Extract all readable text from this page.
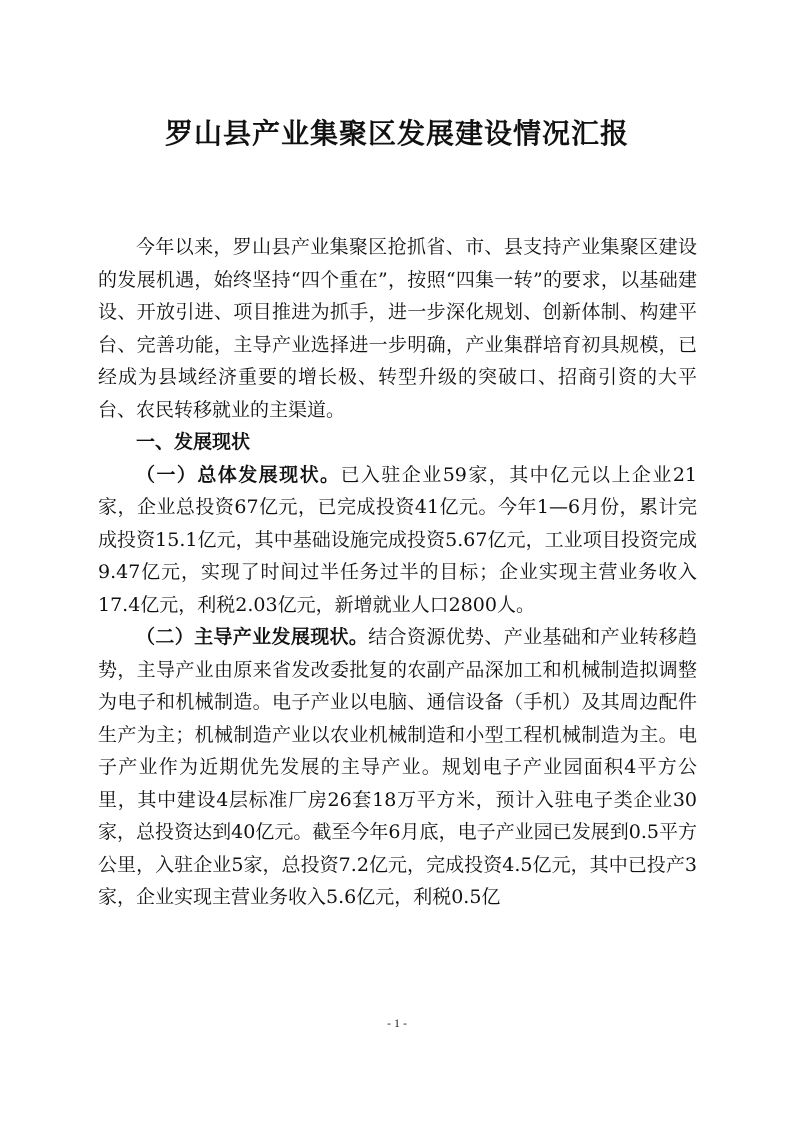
罗山县产业集聚区发展建设情况汇报

今年以来，罗山县产业集聚区抢抓省、市、县支持产业集聚区建设的发展机遇，始终坚持“四个重在”，按照“四集一转”的要求，以基础建设、开放引进、项目推进为抓手，进一步深化规划、创新体制、构建平台、完善功能，主导产业选择进一步明确，产业集群培育初具规模，已经成为县域经济重要的增长极、转型升级的突破口、招商引资的大平台、农民转移就业的主渠道。

一、发展现状

（一）总体发展现状。已入驻企业59家，其中亿元以上企业21家，企业总投资67亿元，已完成投资41亿元。今年1—6月份，累计完成投资15.1亿元，其中基础设施完成投资5.67亿元，工业项目投资完成9.47亿元，实现了时间过半任务过半的目标；企业实现主营业务收入17.4亿元，利税2.03亿元，新增就业人口2800人。

（二）主导产业发展现状。结合资源优势、产业基础和产业转移趋势，主导产业由原来省发改委批复的农副产品深加工和机械制造拟调整为电子和机械制造。电子产业以电脑、通信设备（手机）及其周边配件生产为主；机械制造产业以农业机械制造和小型工程机械制造为主。电子产业作为近期优先发展的主导产业。规划电子产业园面积4平方公里，其中建设4层标准厂房26套18万平方米，预计入驻电子类企业30家，总投资达到40亿元。截至今年6月底，电子产业园已发展到0.5平方公里，入驻企业5家，总投资7.2亿元，完成投资4.5亿元，其中已投产3家，企业实现主营业务收入5.6亿元，利税0.5亿

- 1 -
